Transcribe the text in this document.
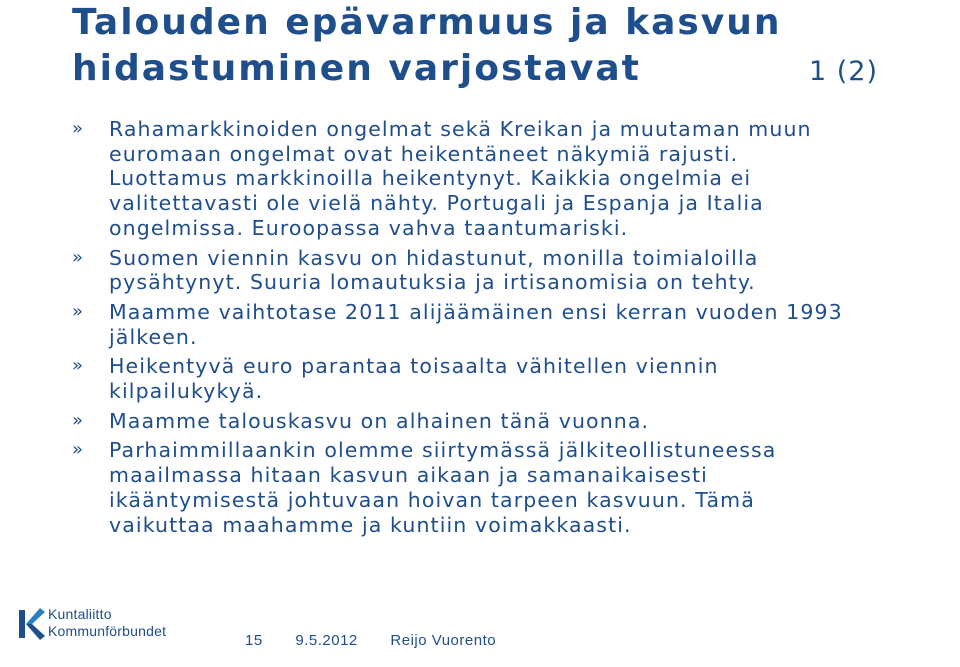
Talouden epävarmuus ja kasvun
hidastuminen varjostavat	1 (2)
» Rahamarkkinoiden ongelmat sekä Kreikan ja muutaman muun euromaan ongelmat ovat heikentäneet näkymiä rajusti. Luottamus markkinoilla heikentynyt. Kaikkia ongelmia ei valitettavasti ole vielä nähty. Portugali ja Espanja ja Italia ongelmissa. Euroopassa vahva taantumariski.
» Suomen viennin kasvu on hidastunut, monilla toimialoilla pysähtynyt. Suuria lomautuksia ja irtisanomisia on tehty.
» Maamme vaihtotase 2011 alijäämäinen ensi kerran vuoden 1993 jälkeen.
» Heikentyvä euro parantaa toisaalta vähitellen viennin kilpailukykyä.
» Maamme talouskasvu on alhainen tänä vuonna.
» Parhaimmillaankin olemme siirtymässä jälkiteollistuneessa maailmassa hitaan kasvun aikaan ja samanaikaisesti ikääntymisestä johtuvaan hoivan tarpeen kasvuun. Tämä vaikuttaa maahamme ja kuntiin voimakkaasti.
Kuntaliitto
Kommunförbundet
15 9.5.2012 Reijo Vuorento
